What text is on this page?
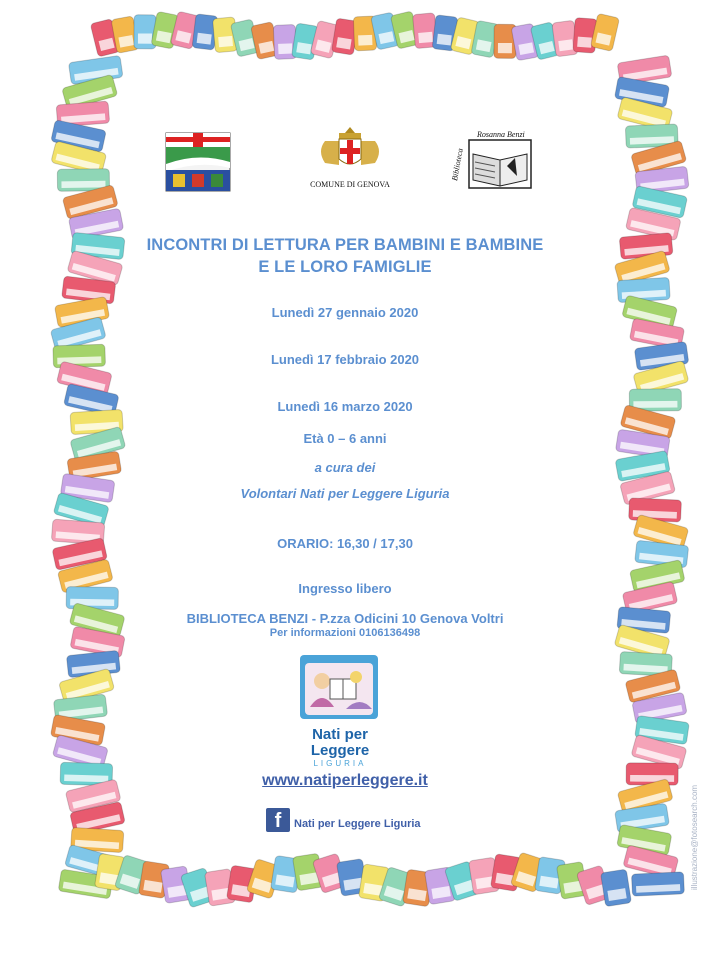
COMUNE DI GENOVA
Rosanna Benzi
Biblioteca
INCONTRI DI LETTURA PER BAMBINI E BAMBINE
E LE LORO FAMIGLIE
Lunedì 27 gennaio 2020
Lunedì 17 febbraio 2020
Lunedì 16 marzo 2020
Età 0 – 6 anni
a cura dei
Volontari Nati per Leggere Liguria
ORARIO: 16,30 / 17,30
Ingresso libero
BIBLIOTECA BENZI - P.zza Odicini 10 Genova Voltri
Per informazioni 0106136498
Nati per
Leggere
LIGURIA
www.natiperleggere.it
f	Nati per Leggere Liguria	illustrazione@fotosearch.com
